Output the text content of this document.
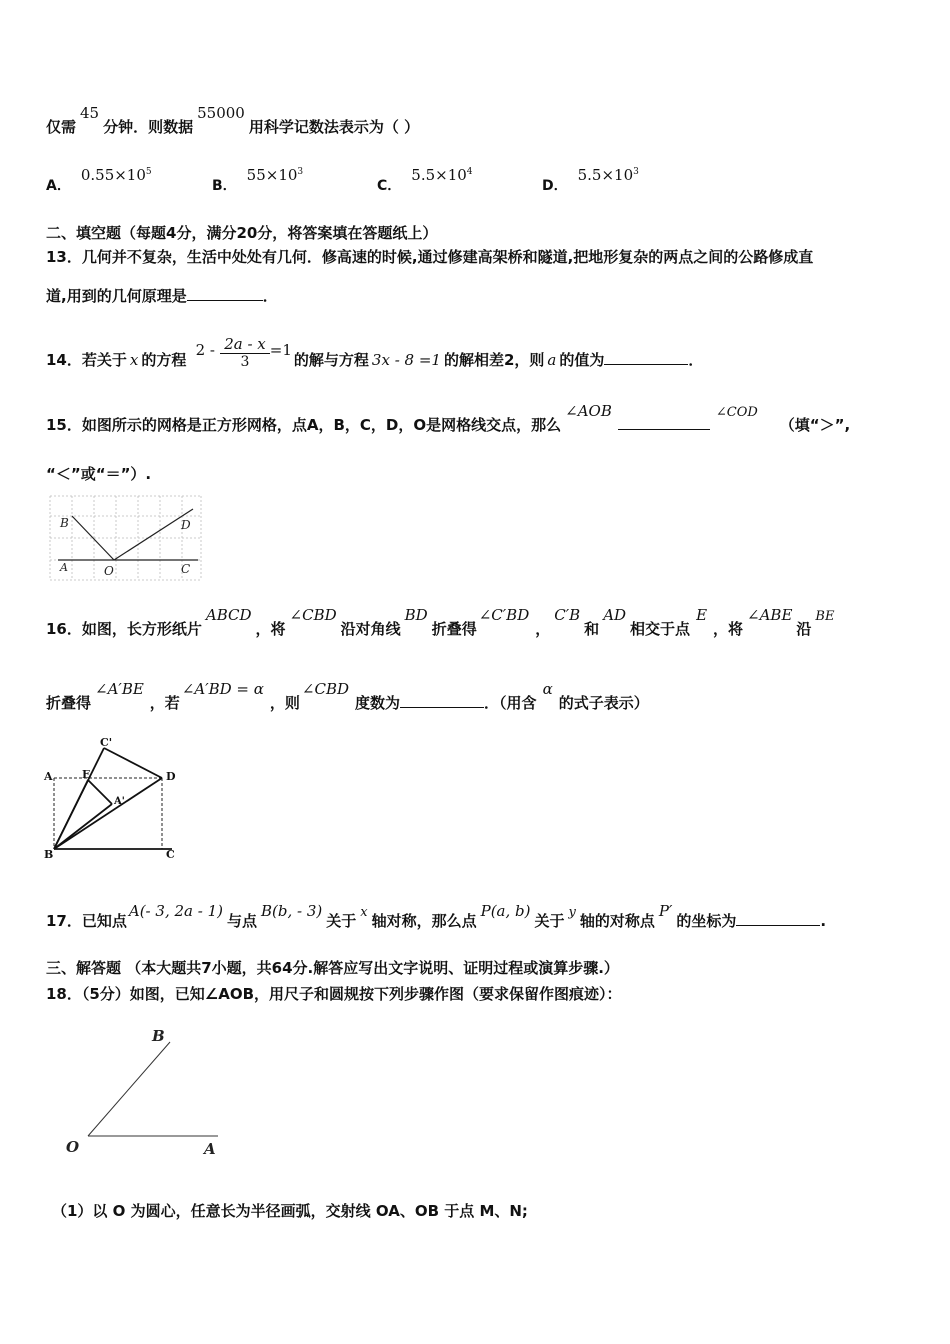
仅需45分钟．则数据55000用科学记数法表示为（ ）
A．$0.55\times 10^5$
B．$55\times 10^3$
C．$5.5\times 10^4$
D．$5.5\times 10^3$
二、填空题（每题4分，满分20分，将答案填在答题纸上）
13．几何并不复杂，生活中处处有几何．修高速的时候,通过修建高架桥和隧道,把地形复杂的两点之间的公路修成直
道,用到的几何原理是	．
14．若关于 x 的方程 $2 - \frac{2a - x}{3} =1$的解与方程 3x - 8 =1 的解相差2，则 a 的值为	．
15．如图所示的网格是正方形网格，点A，B，C，D，O是网格线交点，那么∠AOB	∠COD（填“＞”,
“＜”或“＝”）.
B	D
A	O	C
16．如图，长方形纸片ABCD，将∠CBD沿对角线BD折叠得∠C′BD，C′B和AD相交于点E，将∠ABE沿BE
折叠得∠A′BE，若∠A′BD = α，则∠CBD度数为	．（用含α的式子表示）
C'
A	E	D
A'
B	C
17．已知点A(- 3, 2a - 1)与点B(b, - 3)关于 x 轴对称，那么点P(a, b)关于 y 轴的对称点P′的坐标为	.
三、解答题 （本大题共7小题，共64分.解答应写出文字说明、证明过程或演算步骤.）
18．（5分）如图，已知∠AOB，用尺子和圆规按下列步骤作图（要求保留作图痕迹）：
B
O	A
（1）以 O 为圆心，任意长为半径画弧，交射线 OA、OB 于点 M、N;
